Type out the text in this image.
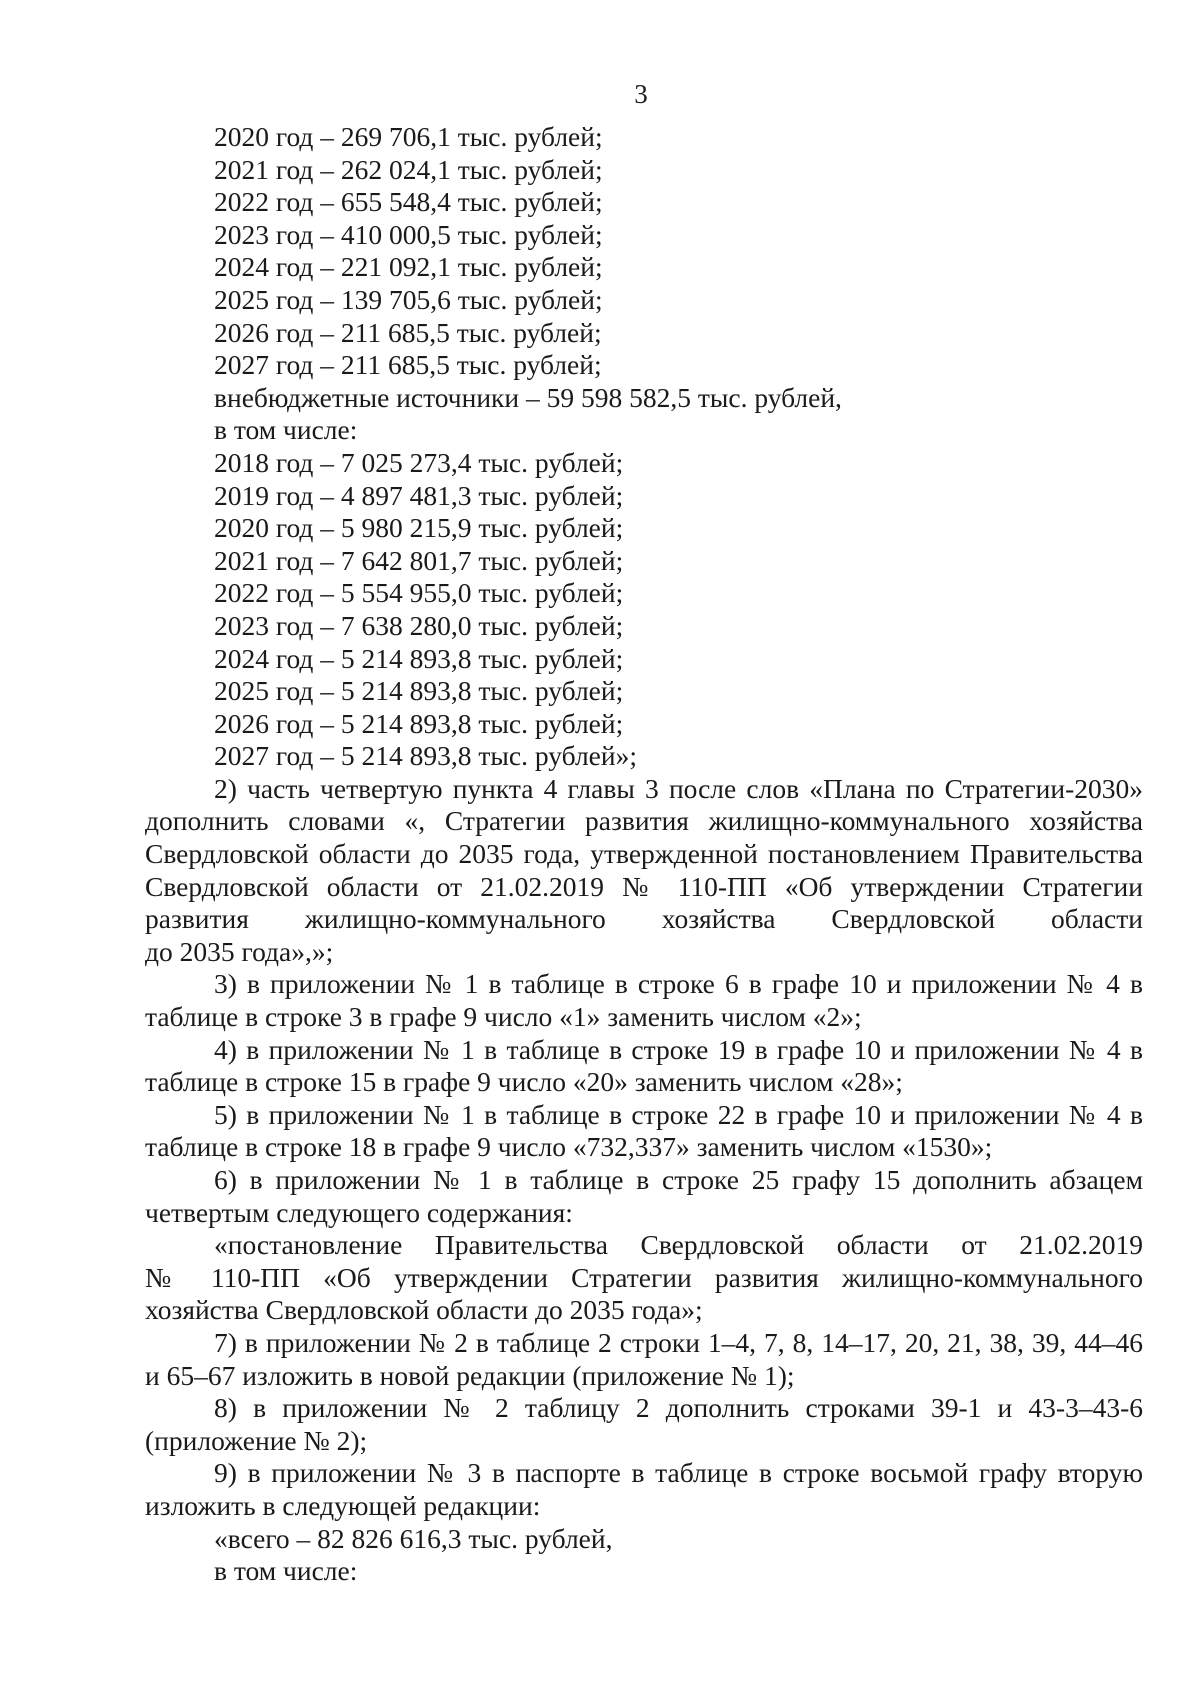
3
2020 год – 269 706,1 тыс. рублей;
2021 год – 262 024,1 тыс. рублей;
2022 год – 655 548,4 тыс. рублей;
2023 год – 410 000,5 тыс. рублей;
2024 год – 221 092,1 тыс. рублей;
2025 год – 139 705,6 тыс. рублей;
2026 год – 211 685,5 тыс. рублей;
2027 год – 211 685,5 тыс. рублей;
внебюджетные источники – 59 598 582,5 тыс. рублей,
в том числе:
2018 год – 7 025 273,4 тыс. рублей;
2019 год – 4 897 481,3 тыс. рублей;
2020 год – 5 980 215,9 тыс. рублей;
2021 год – 7 642 801,7 тыс. рублей;
2022 год – 5 554 955,0 тыс. рублей;
2023 год – 7 638 280,0 тыс. рублей;
2024 год – 5 214 893,8 тыс. рублей;
2025 год – 5 214 893,8 тыс. рублей;
2026 год – 5 214 893,8 тыс. рублей;
2027 год – 5 214 893,8 тыс. рублей»;
2) часть четвертую пункта 4 главы 3 после слов «Плана по Стратегии-2030»
дополнить словами «, Стратегии развития жилищно-коммунального хозяйства
Свердловской области до 2035 года, утвержденной постановлением Правительства
Свердловской области от 21.02.2019 № 110-ПП «Об утверждении Стратегии
развития жилищно-коммунального хозяйства Свердловской области
до 2035 года»,»;
3) в приложении № 1 в таблице в строке 6 в графе 10 и приложении № 4 в
таблице в строке 3 в графе 9 число «1» заменить числом «2»;
4) в приложении № 1 в таблице в строке 19 в графе 10 и приложении № 4 в
таблице в строке 15 в графе 9 число «20» заменить числом «28»;
5) в приложении № 1 в таблице в строке 22 в графе 10 и приложении № 4 в
таблице в строке 18 в графе 9 число «732,337» заменить числом «1530»;
6) в приложении № 1 в таблице в строке 25 графу 15 дополнить абзацем
четвертым следующего содержания:
«постановление Правительства Свердловской области от 21.02.2019
№ 110-ПП «Об утверждении Стратегии развития жилищно-коммунального
хозяйства Свердловской области до 2035 года»;
7) в приложении № 2 в таблице 2 строки 1–4, 7, 8, 14–17, 20, 21, 38, 39, 44–46
и 65–67 изложить в новой редакции (приложение № 1);
8) в приложении № 2 таблицу 2 дополнить строками 39-1 и 43-3–43-6
(приложение № 2);
9) в приложении № 3 в паспорте в таблице в строке восьмой графу вторую
изложить в следующей редакции:
«всего – 82 826 616,3 тыс. рублей,
в том числе:
